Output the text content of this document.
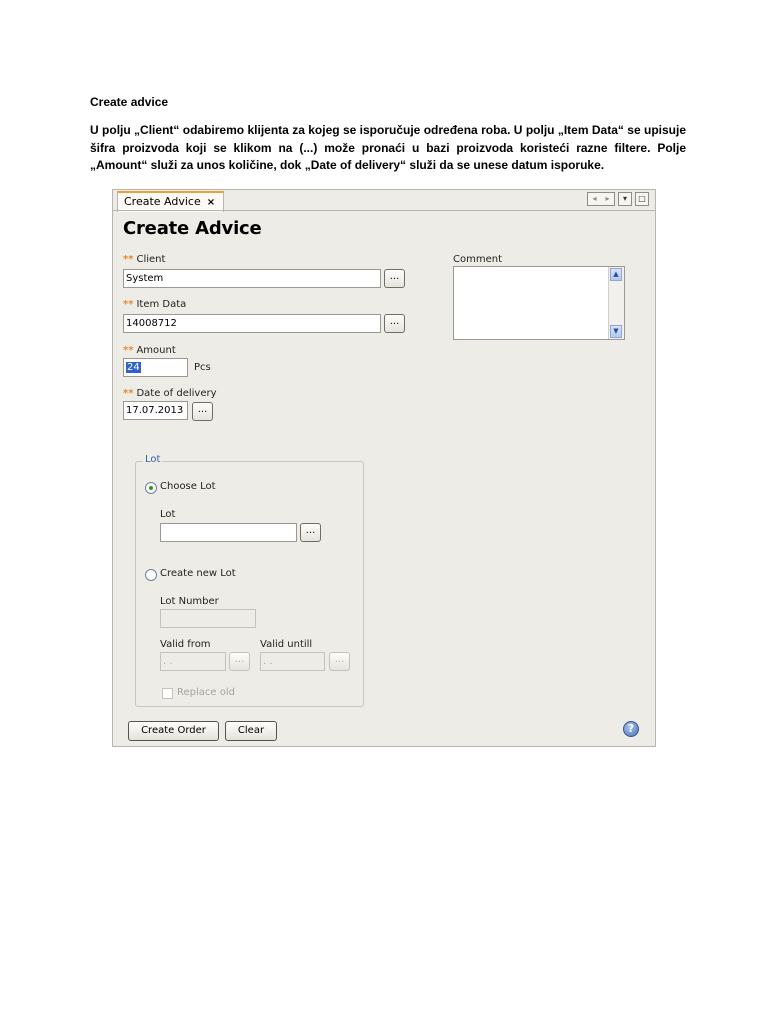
Create advice
U polju „Client“ odabiremo klijenta za kojeg se isporučuje određena roba. U polju „Item Data“ se upisuje šifra proizvoda koji se klikom na (...) može pronaći u bazi proizvoda koristeći razne filtere. Polje „Amount“ služi za unos količine, dok „Date of delivery“ služi da se unese datum isporuke.
Create Advice ×	◂ ▸	▾	□
Create Advice
** Client
System	...
** Item Data
14008712	...
** Amount
24	Pcs
** Date of delivery
17.07.2013	...
Comment
▲
▼
Lot
Choose Lot
Lot
...
Create new Lot
Lot Number
Valid from
. .	...
Valid untill
. .	...
Replace old
Create Order	Clear	?
